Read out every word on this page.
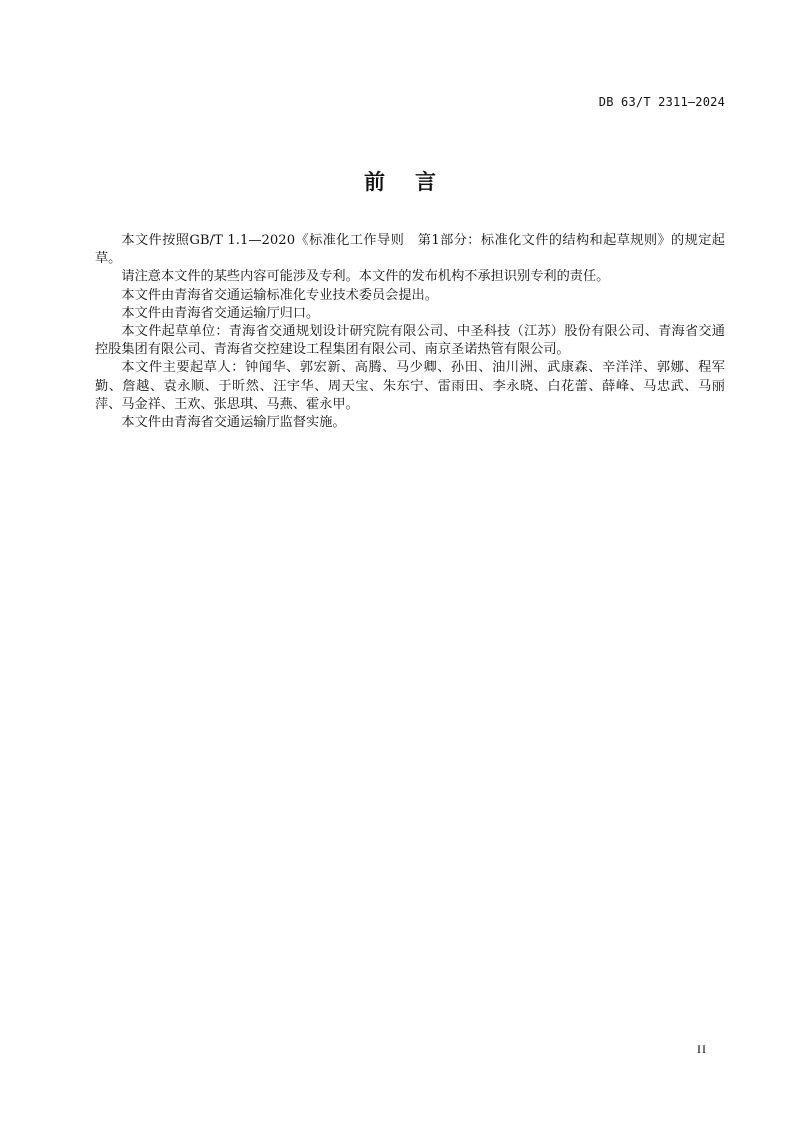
DB 63/T 2311—2024
前言

本文件按照GB/T 1.1—2020《标准化工作导则　第1部分：标准化文件的结构和起草规则》的规定起草。

请注意本文件的某些内容可能涉及专利。本文件的发布机构不承担识别专利的责任。

本文件由青海省交通运输标准化专业技术委员会提出。

本文件由青海省交通运输厅归口。

本文件起草单位：青海省交通规划设计研究院有限公司、中圣科技（江苏）股份有限公司、青海省交通控股集团有限公司、青海省交控建设工程集团有限公司、南京圣诺热管有限公司。

本文件主要起草人：钟闻华、郭宏新、高腾、马少卿、孙田、油川洲、武康森、辛洋洋、郭娜、程军勤、詹越、袁永顺、于昕然、汪宇华、周天宝、朱东宁、雷雨田、李永晓、白花蕾、薛峰、马忠武、马丽萍、马金祥、王欢、张思琪、马燕、霍永甲。

本文件由青海省交通运输厅监督实施。

II
